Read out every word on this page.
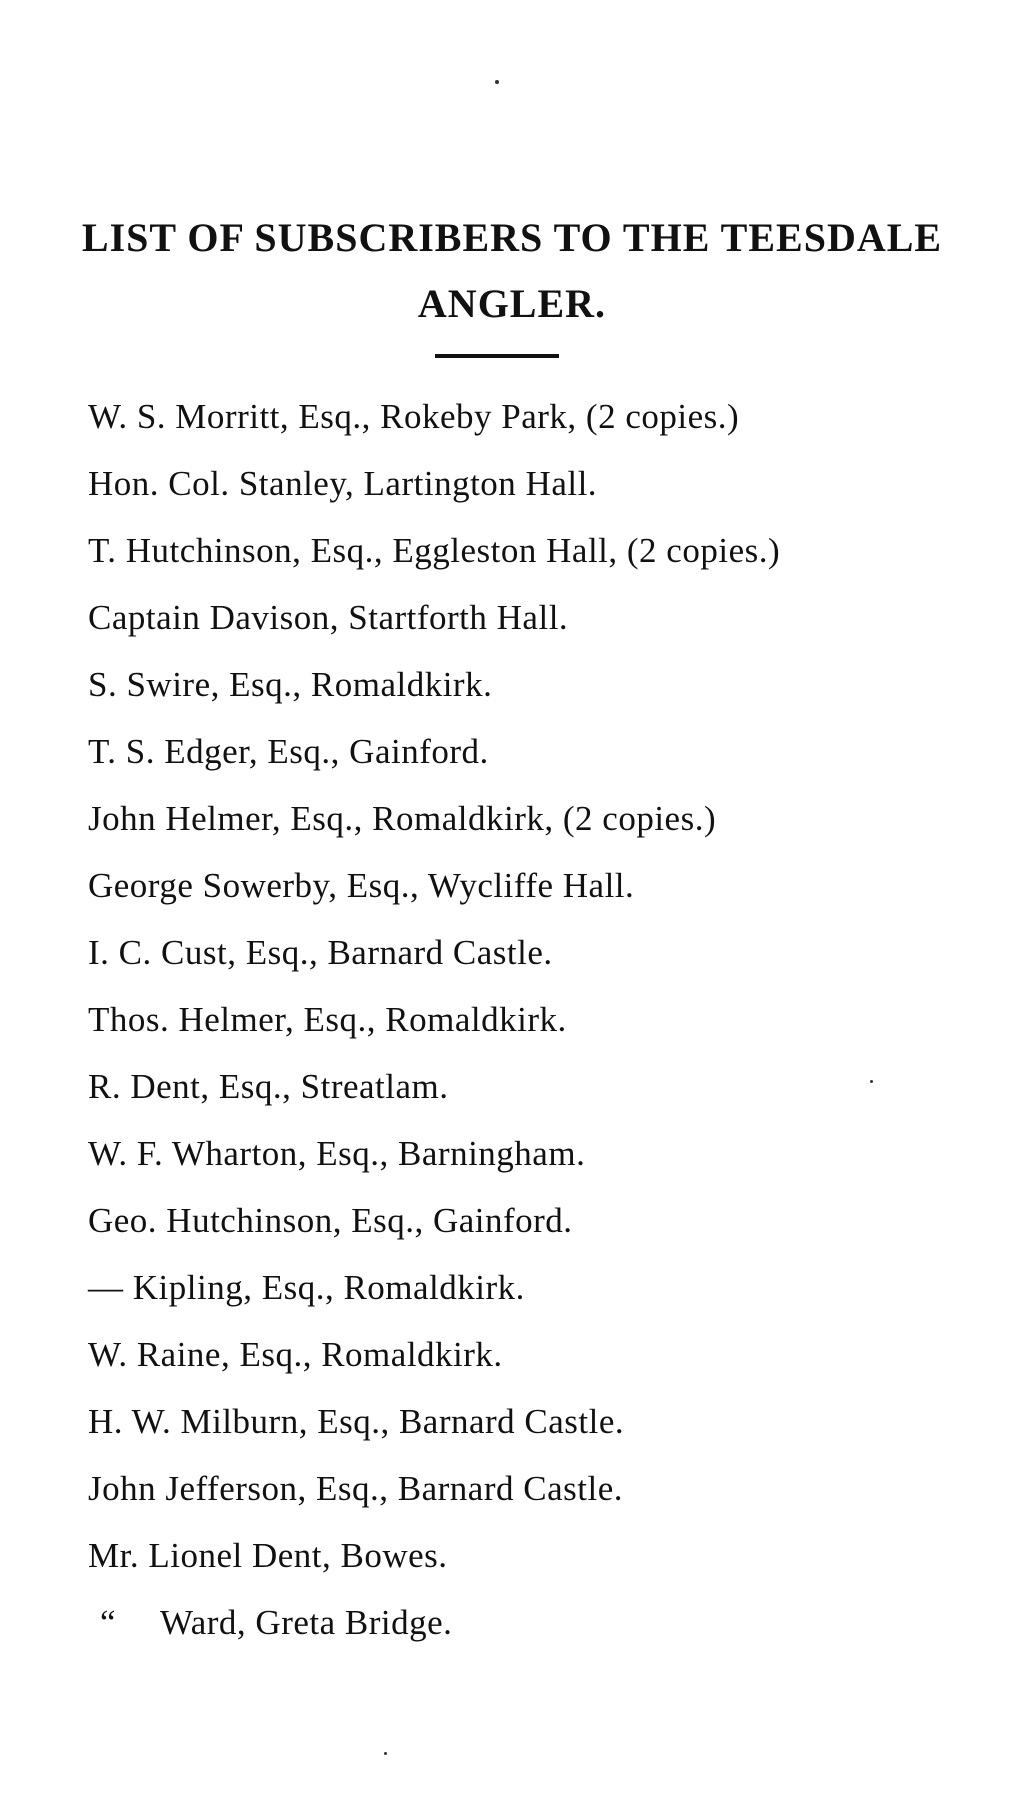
LIST OF SUBSCRIBERS TO THE TEESDALE
ANGLER.
W. S. Morritt, Esq., Rokeby Park, (2 copies.)
Hon. Col. Stanley, Lartington Hall.
T. Hutchinson, Esq., Eggleston Hall, (2 copies.)
Captain Davison, Startforth Hall.
S. Swire, Esq., Romaldkirk.
T. S. Edger, Esq., Gainford.
John Helmer, Esq., Romaldkirk, (2 copies.)
George Sowerby, Esq., Wycliffe Hall.
I. C. Cust, Esq., Barnard Castle.
Thos. Helmer, Esq., Romaldkirk.
R. Dent, Esq., Streatlam.
W. F. Wharton, Esq., Barningham.
Geo. Hutchinson, Esq., Gainford.
— Kipling, Esq., Romaldkirk.
W. Raine, Esq., Romaldkirk.
H. W. Milburn, Esq., Barnard Castle.
John Jefferson, Esq., Barnard Castle.
Mr. Lionel Dent, Bowes.
“ Ward, Greta Bridge.
